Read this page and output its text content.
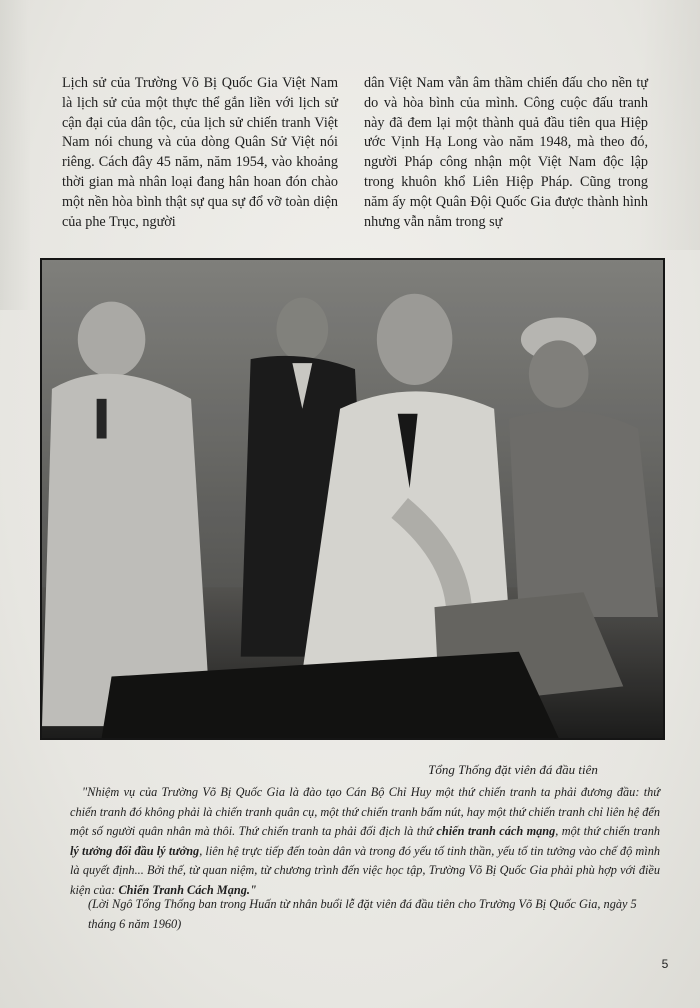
Lịch sử của Trường Võ Bị Quốc Gia Việt Nam là lịch sử của một thực thể gắn liền với lịch sử cận đại của dân tộc, của lịch sử chiến tranh Việt Nam nói chung và của dòng Quân Sử Việt nói riêng. Cách đây 45 năm, năm 1954, vào khoảng thời gian mà nhân loại đang hân hoan đón chào một nền hòa bình thật sự qua sự đổ vỡ toàn diện của phe Trục, người

dân Việt Nam vẫn âm thầm chiến đấu cho nền tự do và hòa bình của mình. Công cuộc đấu tranh này đã đem lại một thành quả đầu tiên qua Hiệp ước Vịnh Hạ Long vào năm 1948, mà theo đó, người Pháp công nhận một Việt Nam độc lập trong khuôn khổ Liên Hiệp Pháp. Cũng trong năm ấy một Quân Đội Quốc Gia được thành hình nhưng vẫn nằm trong sự

Tổng Thống đặt viên đá đầu tiên
"Nhiệm vụ của Trường Võ Bị Quốc Gia là đào tạo Cán Bộ Chỉ Huy một thứ chiến tranh ta phải đương đầu: thứ chiến tranh đó không phải là chiến tranh quân cụ, một thứ chiến tranh bấm nút, hay một thứ chiến tranh chỉ liên hệ đến một số người quân nhân mà thôi. Thứ chiến tranh ta phải đối địch là thứ chiến tranh cách mạng, một thứ chiến tranh lý tưởng đối đầu lý tưởng, liên hệ trực tiếp đến toàn dân và trong đó yếu tố tinh thần, yếu tố tin tưởng vào chế độ mình là quyết định... Bởi thế, từ quan niệm, từ chương trình đến việc học tập, Trường Võ Bị Quốc Gia phải phù hợp với điều kiện của: Chiến Tranh Cách Mạng."
(Lời Ngô Tổng Thống ban trong Huấn từ nhân buổi lễ đặt viên đá đầu tiên cho Trường Võ Bị Quốc Gia, ngày 5 tháng 6 năm 1960)
5
